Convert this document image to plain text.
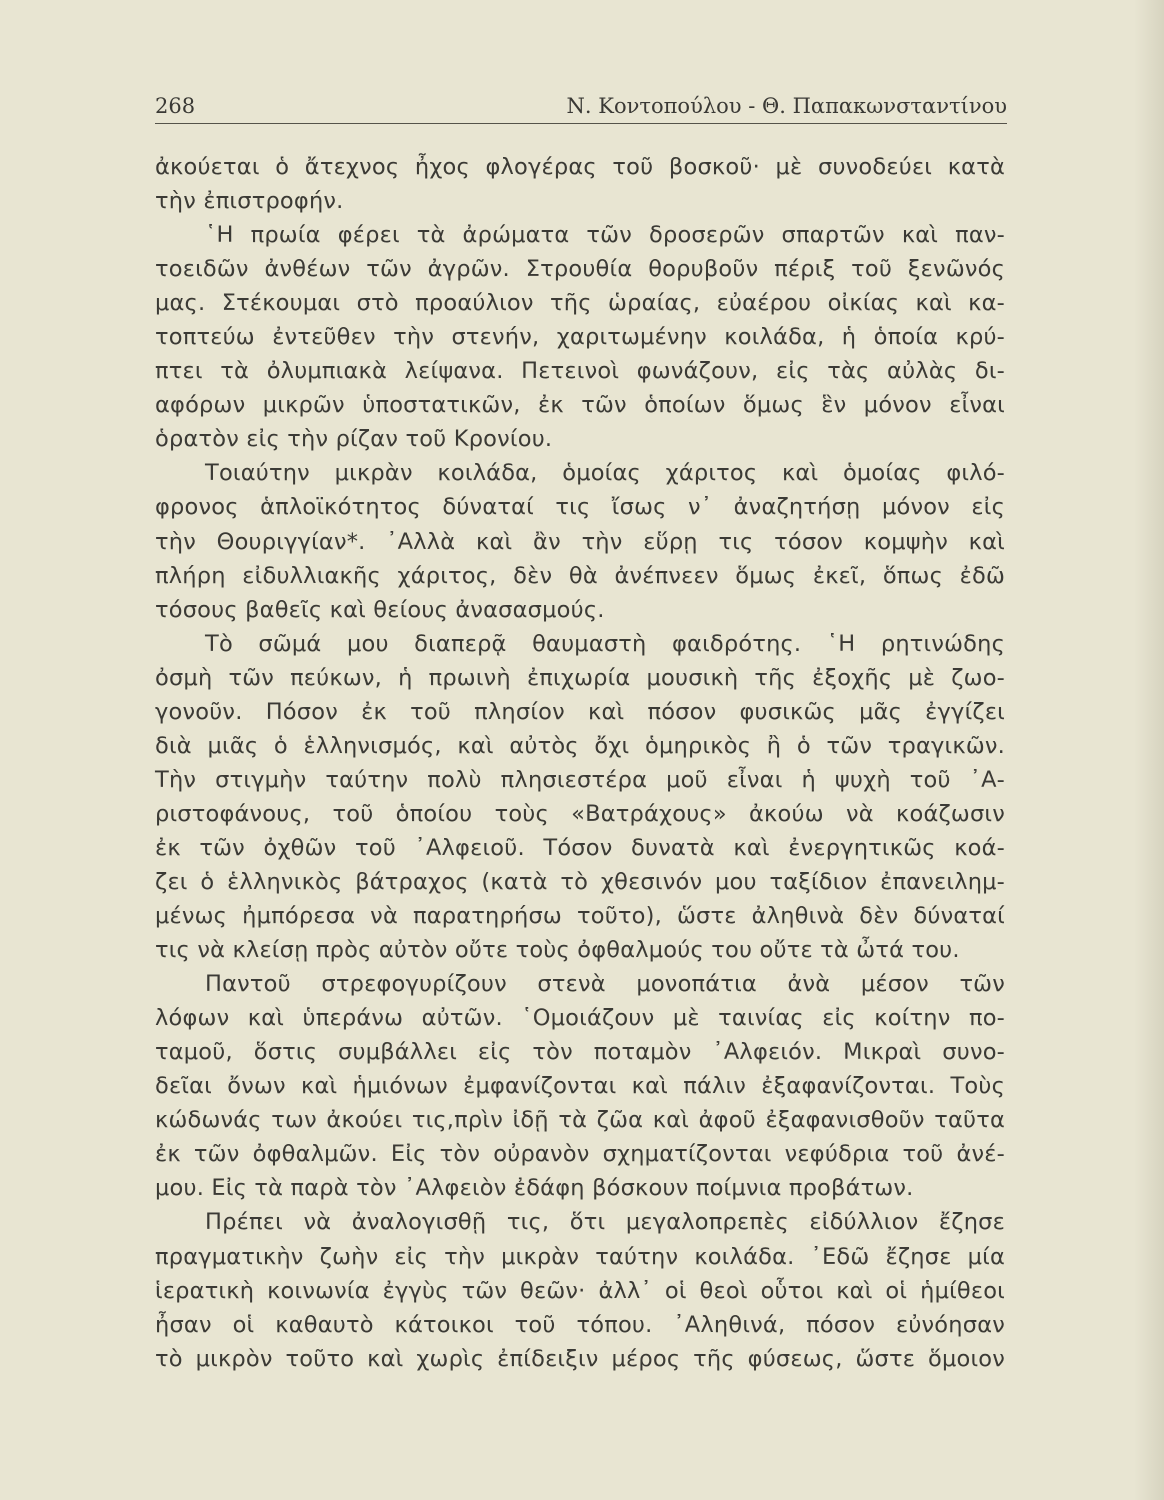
268	Ν. Κοντοπούλου - Θ. Παπακωνσταντίνου
ἀκούεται ὁ ἄτεχνος ἦχος φλογέρας τοῦ βοσκοῦ· μὲ συνοδεύει κατὰ
τὴν ἐπιστροφήν.
῾Η πρωία φέρει τὰ ἀρώματα τῶν δροσερῶν σπαρτῶν καὶ παν-
τοειδῶν ἀνθέων τῶν ἀγρῶν. Στρουθία θορυβοῦν πέριξ τοῦ ξενῶνός
μας. Στέκουμαι στὸ προαύλιον τῆς ὡραίας, εὐαέρου οἰκίας καὶ κα-
τοπτεύω ἐντεῦθεν τὴν στενήν, χαριτωμένην κοιλάδα, ἡ ὁποία κρύ-
πτει τὰ ὀλυμπιακὰ λείψανα. Πετεινοὶ φωνάζουν, εἰς τὰς αὐλὰς δι-
αφόρων μικρῶν ὑποστατικῶν, ἐκ τῶν ὁποίων ὅμως ἓν μόνον εἶναι
ὁρατὸν εἰς τὴν ρίζαν τοῦ Κρονίου.
Τοιαύτην μικρὰν κοιλάδα, ὁμοίας χάριτος καὶ ὁμοίας φιλό-
φρονος ἁπλοϊκότητος δύναταί τις ἴσως ν᾽ ἀναζητήσῃ μόνον εἰς
τὴν Θουριγγίαν*. ᾽Αλλὰ καὶ ἂν τὴν εὕρῃ τις τόσον κομψὴν καὶ
πλήρη εἰδυλλιακῆς χάριτος, δὲν θὰ ἀνέπνεεν ὅμως ἐκεῖ, ὅπως ἐδῶ
τόσους βαθεῖς καὶ θείους ἀνασασμούς.
Τὸ σῶμά μου διαπερᾷ θαυμαστὴ φαιδρότης. ῾Η ρητινώδης
ὀσμὴ τῶν πεύκων, ἡ πρωινὴ ἐπιχωρία μουσικὴ τῆς ἐξοχῆς μὲ ζωο-
γονοῦν. Πόσον ἐκ τοῦ πλησίον καὶ πόσον φυσικῶς μᾶς ἐγγίζει
διὰ μιᾶς ὁ ἑλληνισμός, καὶ αὐτὸς ὄχι ὁμηρικὸς ἢ ὁ τῶν τραγικῶν.
Τὴν στιγμὴν ταύτην πολὺ πλησιεστέρα μοῦ εἶναι ἡ ψυχὴ τοῦ ᾽Α-
ριστοφάνους, τοῦ ὁποίου τοὺς «Βατράχους» ἀκούω νὰ κοάζωσιν
ἐκ τῶν ὀχθῶν τοῦ ᾽Αλφειοῦ. Τόσον δυνατὰ καὶ ἐνεργητικῶς κοά-
ζει ὁ ἑλληνικὸς βάτραχος (κατὰ τὸ χθεσινόν μου ταξίδιον ἐπανειλημ-
μένως ἠμπόρεσα νὰ παρατηρήσω τοῦτο), ὥστε ἀληθινὰ δὲν δύναταί
τις νὰ κλείσῃ πρὸς αὐτὸν οὔτε τοὺς ὀφθαλμούς του οὔτε τὰ ὦτά του.
Παντοῦ στρεφογυρίζουν στενὰ μονοπάτια ἀνὰ μέσον τῶν
λόφων καὶ ὑπεράνω αὐτῶν. ῾Ομοιάζουν μὲ ταινίας εἰς κοίτην πο-
ταμοῦ, ὅστις συμβάλλει εἰς τὸν ποταμὸν ᾽Αλφειόν. Μικραὶ συνο-
δεῖαι ὄνων καὶ ἡμιόνων ἐμφανίζονται καὶ πάλιν ἐξαφανίζονται. Τοὺς
κώδωνάς των ἀκούει τις,πρὶν ἰδῇ τὰ ζῶα καὶ ἀφοῦ ἐξαφανισθοῦν ταῦτα
ἐκ τῶν ὀφθαλμῶν. Εἰς τὸν οὐρανὸν σχηματίζονται νεφύδρια τοῦ ἀνέ-
μου. Εἰς τὰ παρὰ τὸν ᾽Αλφειὸν ἐδάφη βόσκουν ποίμνια προβάτων.
Πρέπει νὰ ἀναλογισθῇ τις, ὅτι μεγαλοπρεπὲς εἰδύλλιον ἔζησε
πραγματικὴν ζωὴν εἰς τὴν μικρὰν ταύτην κοιλάδα. ᾽Εδῶ ἔζησε μία
ἱερατικὴ κοινωνία ἐγγὺς τῶν θεῶν· ἀλλ᾽ οἱ θεοὶ οὗτοι καὶ οἱ ἡμίθεοι
ἦσαν οἱ καθαυτὸ κάτοικοι τοῦ τόπου. ᾽Αληθινά, πόσον εὐνόησαν
τὸ μικρὸν τοῦτο καὶ χωρὶς ἐπίδειξιν μέρος τῆς φύσεως, ὥστε ὅμοιον
